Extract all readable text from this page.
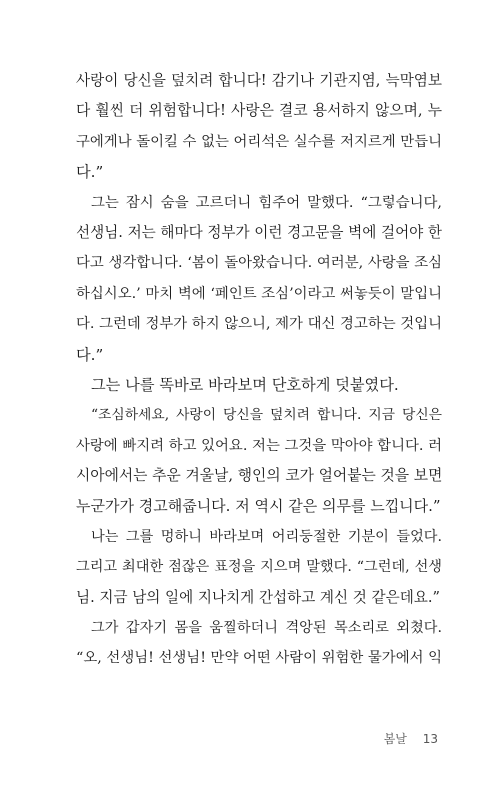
사랑이 당신을 덮치려 합니다! 감기나 기관지염, 늑막염보
다 훨씬 더 위험합니다! 사랑은 결코 용서하지 않으며, 누
구에게나 돌이킬 수 없는 어리석은 실수를 저지르게 만듭니
다.”
그는 잠시 숨을 고르더니 힘주어 말했다. “그렇습니다,
선생님. 저는 해마다 정부가 이런 경고문을 벽에 걸어야 한
다고 생각합니다. ‘봄이 돌아왔습니다. 여러분, 사랑을 조심
하십시오.’ 마치 벽에 ‘페인트 조심’이라고 써놓듯이 말입니
다. 그런데 정부가 하지 않으니, 제가 대신 경고하는 것입니
다.”
그는 나를 똑바로 바라보며 단호하게 덧붙였다.
“조심하세요, 사랑이 당신을 덮치려 합니다. 지금 당신은
사랑에 빠지려 하고 있어요. 저는 그것을 막아야 합니다. 러
시아에서는 추운 겨울날, 행인의 코가 얼어붙는 것을 보면
누군가가 경고해줍니다. 저 역시 같은 의무를 느낍니다.”
나는 그를 멍하니 바라보며 어리둥절한 기분이 들었다.
그리고 최대한 점잖은 표정을 지으며 말했다. “그런데, 선생
님. 지금 남의 일에 지나치게 간섭하고 계신 것 같은데요.”
그가 갑자기 몸을 움찔하더니 격앙된 목소리로 외쳤다.
“오, 선생님! 선생님! 만약 어떤 사람이 위험한 물가에서 익
봄날 13
